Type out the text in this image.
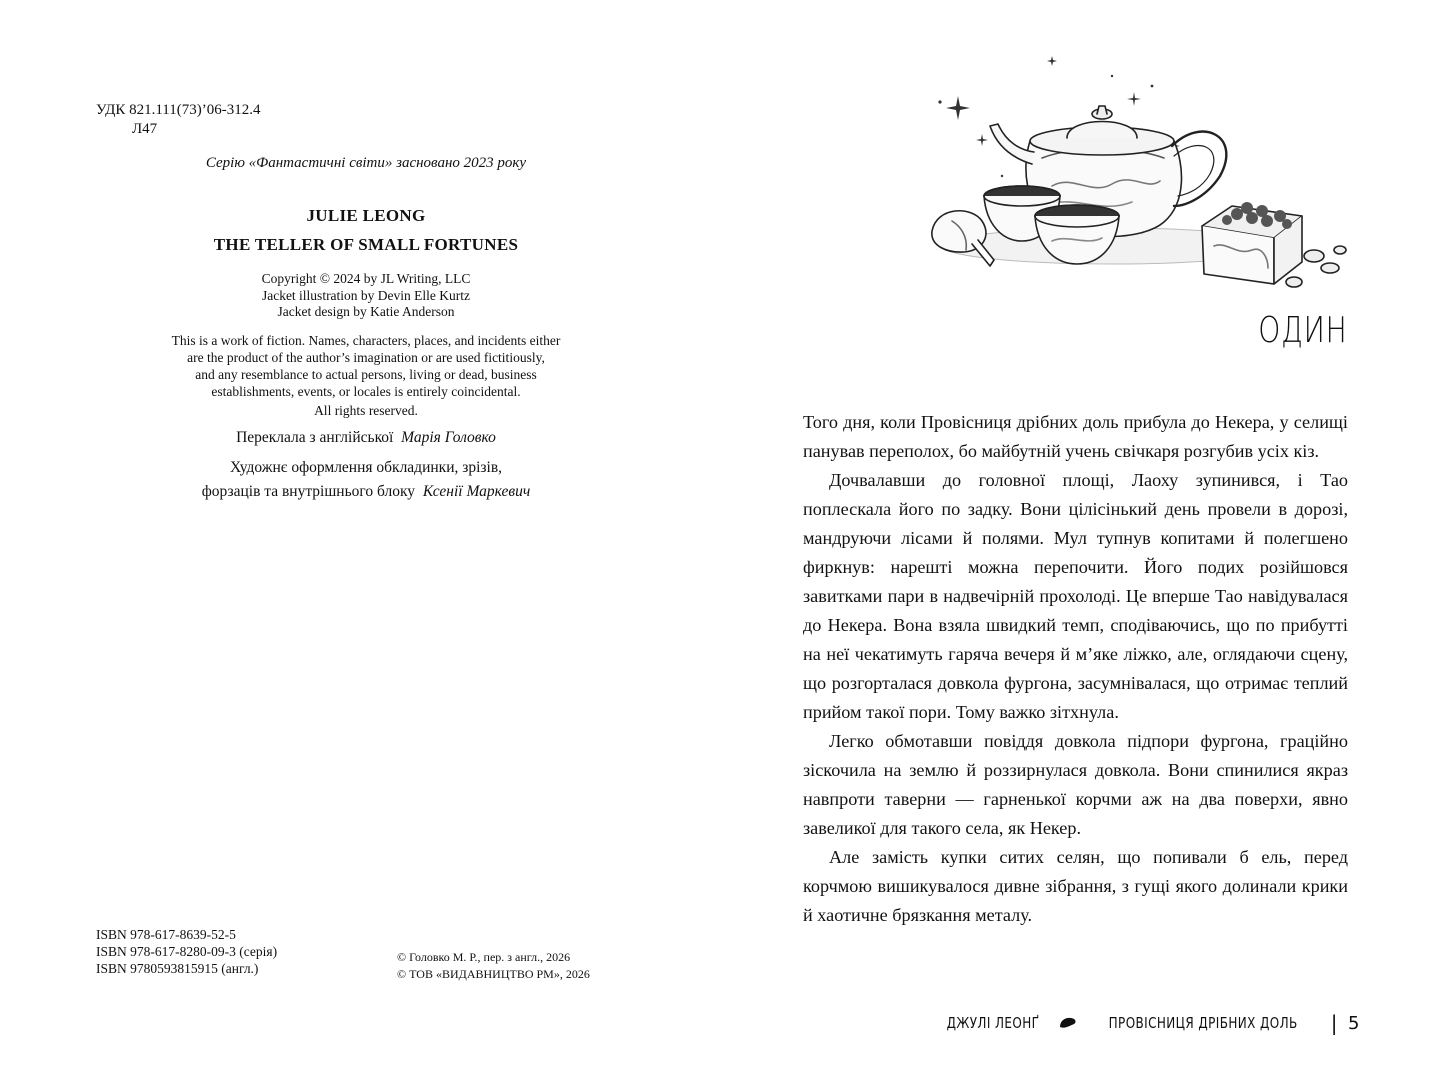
УДК 821.111(73)’06-312.4
Л47
Серію «Фантастичні світи» засновано 2023 року
JULIE LEONG
THE TELLER OF SMALL FORTUNES
Copyright © 2024 by JL Writing, LLC
Jacket illustration by Devin Elle Kurtz
Jacket design by Katie Anderson
This is a work of fiction. Names, characters, places, and incidents either
are the product of the author’s imagination or are used fictitiously,
and any resemblance to actual persons, living or dead, business
establishments, events, or locales is entirely coincidental.
All rights reserved.
Переклала з англійської Марія Головко
Художнє оформлення обкладинки, зрізів,
форзаців та внутрішнього блоку Ксенії Маркевич
ISBN 978-617-8639-52-5
ISBN 978-617-8280-09-3 (серія)
ISBN 9780593815915 (англ.)
© Головко М. Р., пер. з англ., 2026
© ТОВ «ВИДАВНИЦТВО РМ», 2026
ОДИН

Того дня, коли Провісниця дрібних доль прибула до Некера, у селищі панував переполох, бо майбутній учень свічкаря розгубив усіх кіз.

Дочвалавши до головної площі, Лаоху зупинився, і Тао поплескала його по задку. Вони цілісінький день провели в дорозі, мандруючи лісами й полями. Мул тупнув копитами й полегшено фиркнув: нарешті можна перепочити. Його подих розійшовся завитками пари в надвечірній прохолоді. Це вперше Тао навідувалася до Некера. Вона взяла швидкий темп, сподіваючись, що по прибутті на неї чекатимуть гаряча вечеря й м’яке ліжко, але, оглядаючи сцену, що розгорталася довкола фургона, засумнівалася, що отримає теплий прийом такої пори. Тому важко зітхнула.

Легко обмотавши повіддя довкола підпори фургона, граційно зіскочила на землю й роззирнулася довкола. Вони спинилися якраз навпроти таверни — гарненької корчми аж на два поверхи, явно завеликої для такого села, як Некер.

Але замість купки ситих селян, що попивали б ель, перед корчмою вишикувалося дивне зібрання, з гущі якого долинали крики й хаотичне брязкання металу.

ДЖУЛІ ЛЕОНҐ	ПРОВІСНИЦЯ ДРІБНИХ ДОЛЬ | 5
